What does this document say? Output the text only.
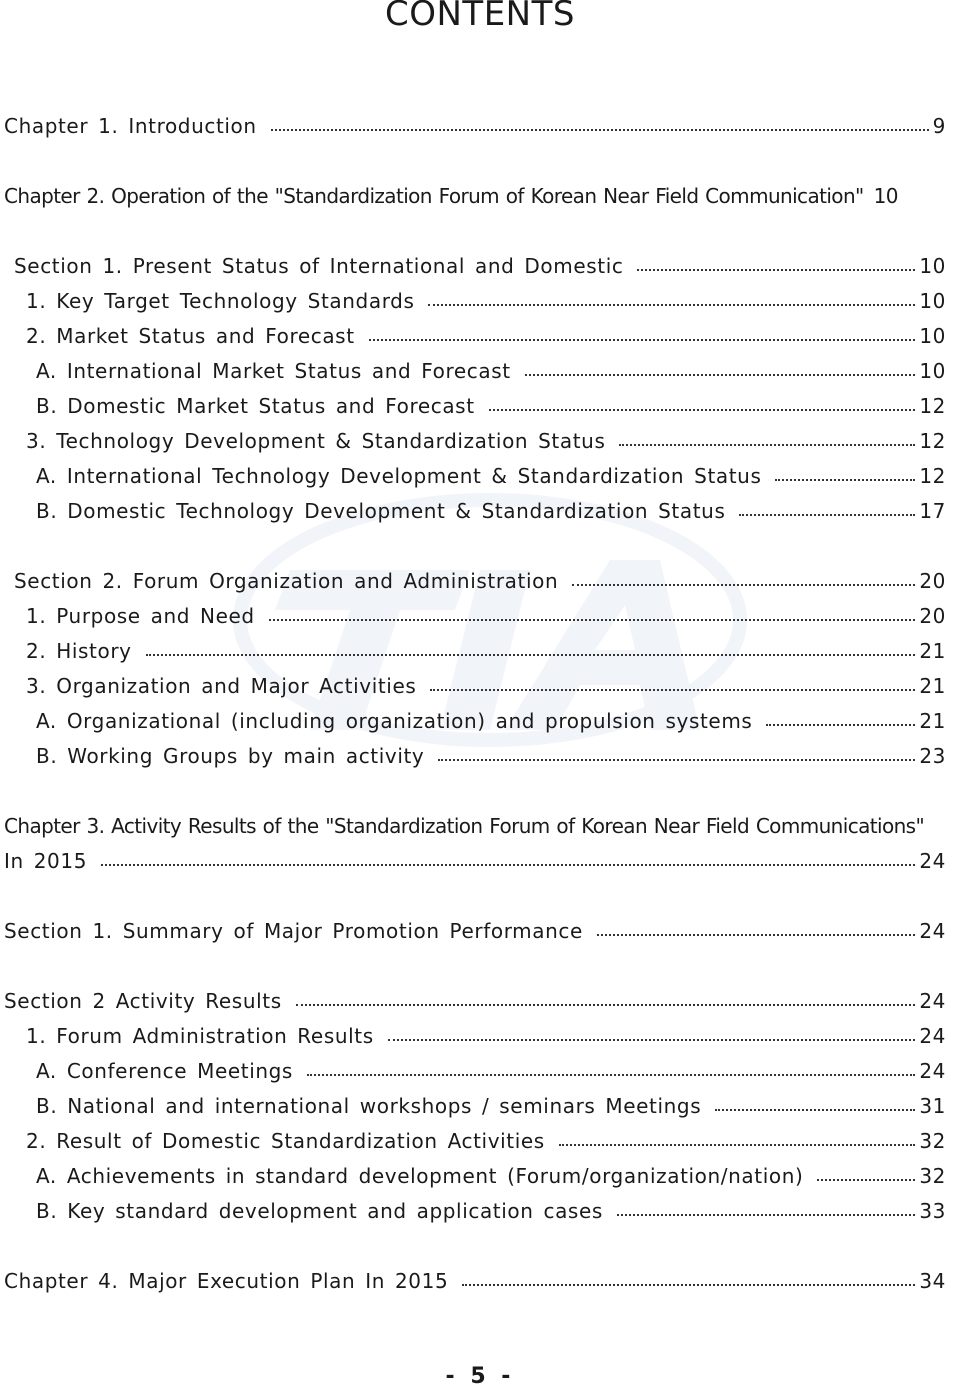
CONTENTS
Chapter 1. Introduction	9
Chapter 2. Operation of the "Standardization Forum of Korean Near Field Communication" 10
Section 1. Present Status of International and Domestic	10
1. Key Target Technology Standards	10
2. Market Status and Forecast	10
A. International Market Status and Forecast	10
B. Domestic Market Status and Forecast	12
3. Technology Development & Standardization Status	12
A. International Technology Development & Standardization Status	12
B. Domestic Technology Development & Standardization Status	17
Section 2. Forum Organization and Administration	20
1. Purpose and Need	20
2. History	21
3. Organization and Major Activities	21
A. Organizational (including organization) and propulsion systems	21
B. Working Groups by main activity	23
Chapter 3. Activity Results of the "Standardization Forum of Korean Near Field Communications"
In 2015	24
Section 1. Summary of Major Promotion Performance	24
Section 2 Activity Results	24
1. Forum Administration Results	24
A. Conference Meetings	24
B. National and international workshops / seminars Meetings	31
2. Result of Domestic Standardization Activities	32
A. Achievements in standard development (Forum/organization/nation)	32
B. Key standard development and application cases	33
Chapter 4. Major Execution Plan In 2015	34
- 5 -
